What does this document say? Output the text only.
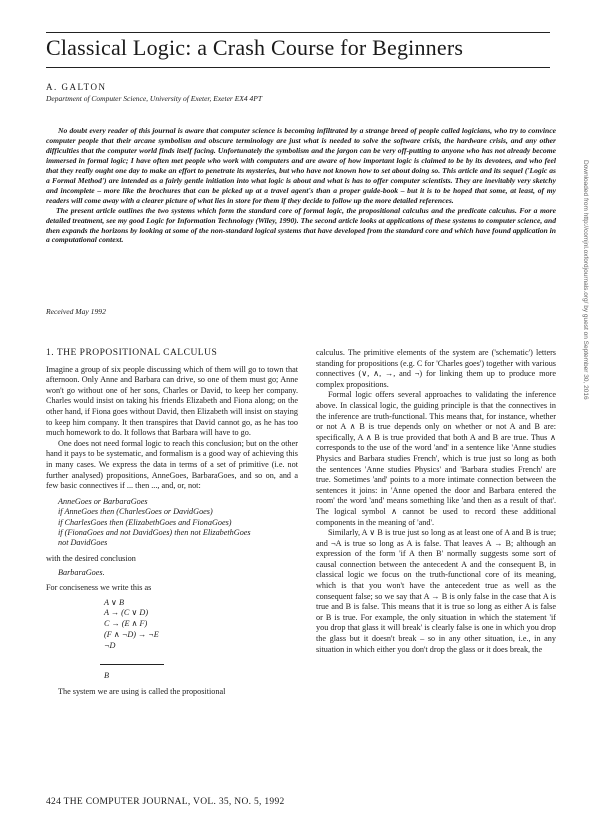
Classical Logic: a Crash Course for Beginners
A. GALTON
Department of Computer Science, University of Exeter, Exeter EX4 4PT

No doubt every reader of this journal is aware that computer science is becoming infiltrated by a strange breed of people called logicians, who try to convince computer people that their arcane symbolism and obscure terminology are just what is needed to solve the software crisis, the hardware crisis, and any other difficulties that the computer world finds itself facing. Unfortunately the symbolism and the jargon can be very off-putting to anyone who has not already become immersed in formal logic; I have often met people who work with computers and are aware of how important logic is claimed to be by its devotees, and who feel that they really ought one day to make an effort to penetrate its mysteries, but who have not known how to set about doing so. This article and its sequel ('Logic as a Formal Method') are intended as a fairly gentle initiation into what logic is about and what is has to offer computer scientists. They are inevitably very sketchy and incomplete – more like the brochures that can be picked up at a travel agent's than a proper guide-book – but it is to be hoped that some, at least, of my readers will come away with a clearer picture of what lies in store for them if they decide to follow up the more detailed references.

The present article outlines the two systems which form the standard core of formal logic, the propositional calculus and the predicate calculus. For a more detailed treatment, see my good Logic for Information Technology (Wiley, 1990). The second article looks at applications of these systems to computer science, and then expands the horizons by looking at some of the non-standard logical systems that have developed from the standard core and which have found application in a computational context.

Received May 1992

1. THE PROPOSITIONAL CALCULUS

Imagine a group of six people discussing which of them will go to town that afternoon. Only Anne and Barbara can drive, so one of them must go; Anne won't go without one of her sons, Charles or David, to keep her company. Charles would insist on taking his friends Elizabeth and Fiona along; on the other hand, if Fiona goes without David, then Elizabeth will insist on staying to keep him company. It then transpires that David cannot go, as he has too much homework to do. It follows that Barbara will have to go.

One does not need formal logic to reach this conclusion; but on the other hand it pays to be systematic, and formalism is a good way of achieving this in many cases. We express the data in terms of a set of primitive (i.e. not further analysed) propositions, AnneGoes, BarbaraGoes, and so on, and a few basic connectives if ... then ..., and, or, not:

AnneGoes or BarbaraGoes
if AnneGoes then (CharlesGoes or DavidGoes)
if CharlesGoes then (ElizabethGoes and FionaGoes)
if (FionaGoes and not DavidGoes) then not ElizabethGoes
not DavidGoes

with the desired conclusion

BarbaraGoes.

For conciseness we write this as

A ∨ B
A → (C ∨ D)
C → (E ∧ F)
(F ∧ ¬D) → ¬E
¬D
B

The system we are using is called the propositional

calculus. The primitive elements of the system are ('schematic') letters standing for propositions (e.g. C for 'Charles goes') together with various connectives (∨, ∧, →, and ¬) for linking them up to produce more complex propositions.

Formal logic offers several approaches to validating the inference above. In classical logic, the guiding principle is that the connectives in the inference are truth-functional. This means that, for instance, whether or not A ∧ B is true depends only on whether or not A and B are: specifically, A ∧ B is true provided that both A and B are true. Thus ∧ corresponds to the use of the word 'and' in a sentence like 'Anne studies Physics and Barbara studies French', which is true just so long as both the sentences 'Anne studies Physics' and 'Barbara studies French' are true. Sometimes 'and' points to a more intimate connection between the sentences it joins: in 'Anne opened the door and Barbara entered the room' the word 'and' means something like 'and then as a result of that'. The logical symbol ∧ cannot be used to record these additional components in the meaning of 'and'.

Similarly, A ∨ B is true just so long as at least one of A and B is true; and ¬A is true so long as A is false. That leaves A → B; although an expression of the form 'if A then B' normally suggests some sort of causal connection between the antecedent A and the consequent B, in classical logic we focus on the truth-functional core of its meaning, which is that you won't have the antecedent true as well as the consequent false; so we say that A → B is only false in the case that A is true and B is false. This means that it is true so long as either A is false or B is true. For example, the only situation in which the statement 'if you drop that glass it will break' is clearly false is one in which you drop the glass but it doesn't break – so in any other situation, i.e., in any situation in which either you don't drop the glass or it does break, the

424 THE COMPUTER JOURNAL, VOL. 35, NO. 5, 1992
Downloaded from http://comjnl.oxfordjournals.org/ by guest on September 30, 2016
